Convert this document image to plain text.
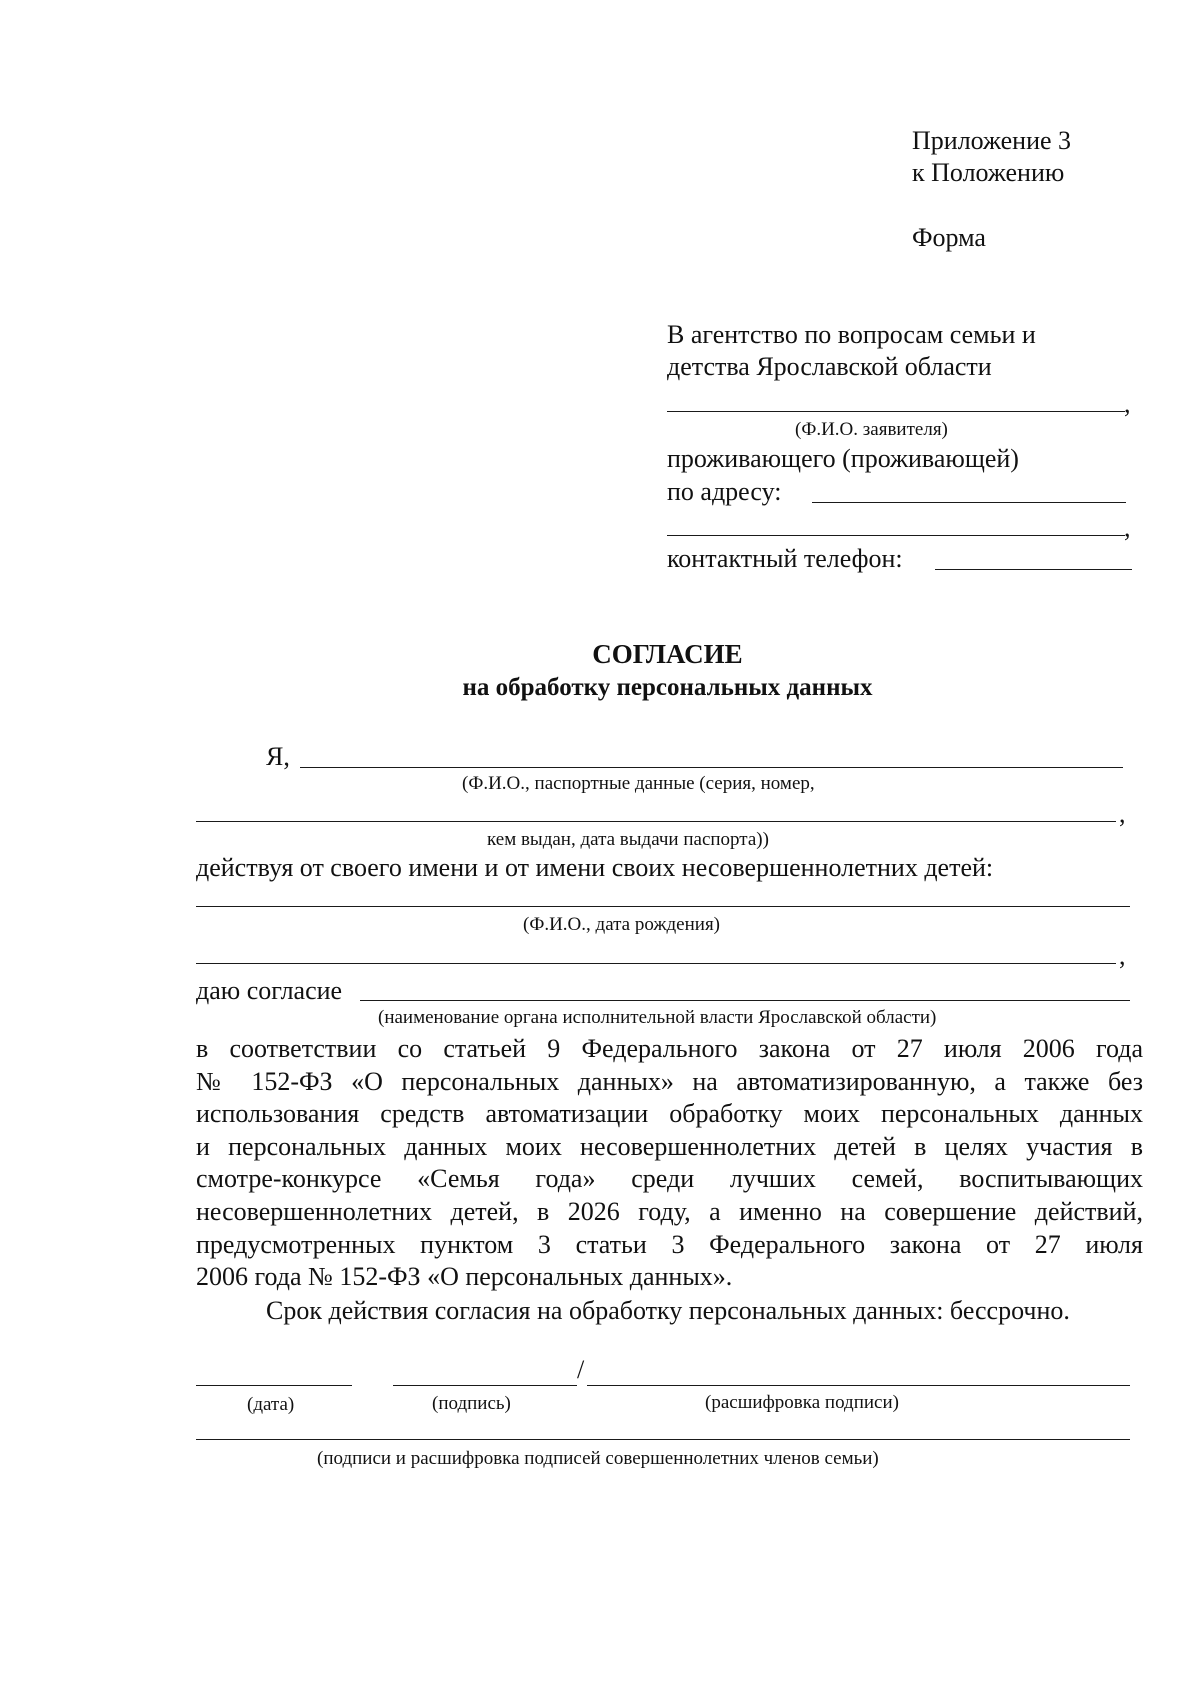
Приложение 3
к Положению
Форма
В агентство по вопросам семьи и
детства Ярославской области
,
(Ф.И.О. заявителя)
проживающего (проживающей)
по адресу:
,
контактный телефон:
СОГЛАСИЕ
на обработку персональных данных
Я,
(Ф.И.О., паспортные данные (серия, номер,
,
кем выдан, дата выдачи паспорта))
действуя от своего имени и от имени своих несовершеннолетних детей:
(Ф.И.О., дата рождения)
,
даю согласие
(наименование органа исполнительной власти Ярославской области)
в соответствии со статьей 9 Федерального закона от 27 июля 2006 года
№ 152-ФЗ «О персональных данных» на автоматизированную, а также без
использования средств автоматизации обработку моих персональных данных
и персональных данных моих несовершеннолетних детей в целях участия в
смотре-конкурсе «Семья года» среди лучших семей, воспитывающих
несовершеннолетних детей, в 2026 году, а именно на совершение действий,
предусмотренных пунктом 3 статьи 3 Федерального закона от 27 июля
2006 года № 152-ФЗ «О персональных данных».
Срок действия согласия на обработку персональных данных: бессрочно.
/
(дата)	(подпись)	(расшифровка подписи)
(подписи и расшифровка подписей совершеннолетних членов семьи)
